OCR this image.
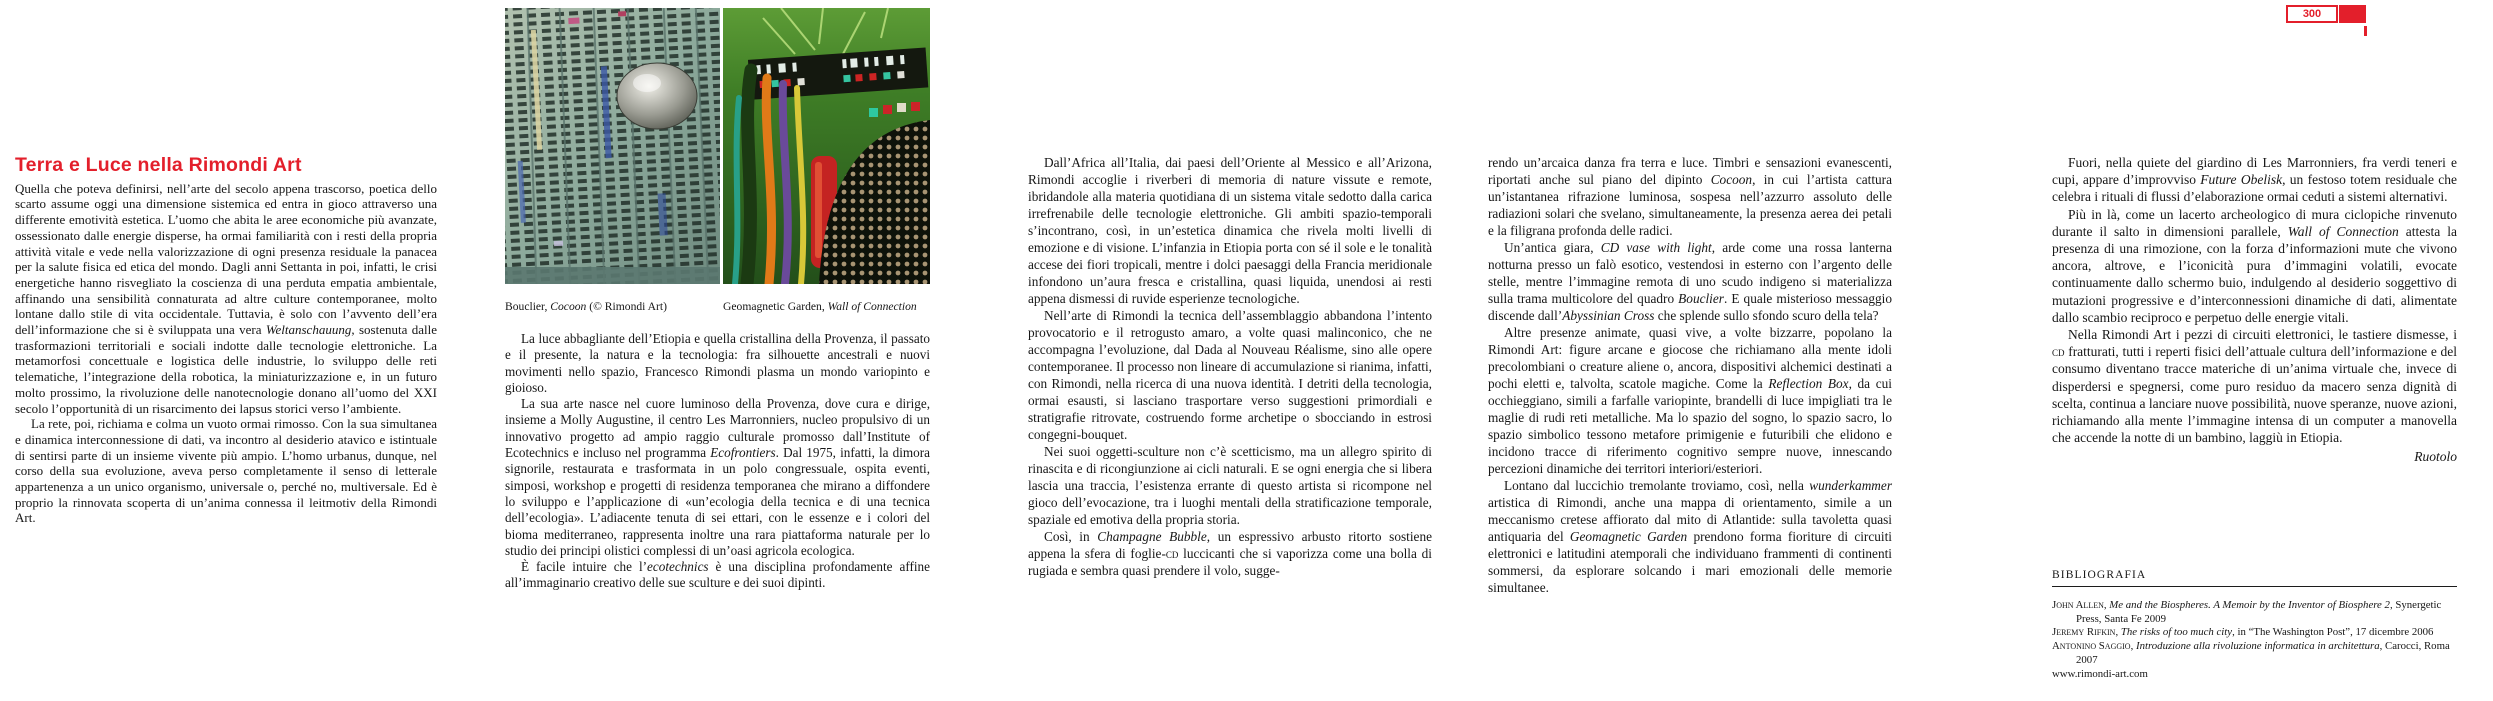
Bouclier, Cocoon (© Rimondi Art)	Geomagnetic Garden, Wall of Connection

Terra e Luce nella Rimondi Art

Quella che poteva definirsi, nell’arte del secolo appena trascorso, poetica dello scarto assume oggi una dimensione sistemica ed entra in gioco attraverso una differente emotività estetica. L’uomo che abita le aree economiche più avanzate, ossessionato dalle energie disperse, ha ormai familiarità con i resti della propria attività vitale e vede nella valorizzazione di ogni presenza residuale la panacea per la salute fisica ed etica del mondo. Dagli anni Settanta in poi, infatti, le crisi energetiche hanno risvegliato la coscienza di una perduta empatia ambientale, affinando una sensibilità connaturata ad altre culture contemporanee, molto lontane dallo stile di vita occidentale. Tuttavia, è solo con l’avvento dell’era dell’informazione che si è sviluppata una vera Weltanschauung, sostenuta dalle trasformazioni territoriali e sociali indotte dalle tecnologie elettroniche. La metamorfosi concettuale e logistica delle industrie, lo sviluppo delle reti telematiche, l’integrazione della robotica, la miniaturizzazione e, in un futuro molto prossimo, la rivoluzione delle nanotecnologie donano all’uomo del XXI secolo l’opportunità di un risarcimento dei lapsus storici verso l’ambiente.

La rete, poi, richiama e colma un vuoto ormai rimosso. Con la sua simultanea e dinamica interconnessione di dati, va incontro al desiderio atavico e istintuale di sentirsi parte di un insieme vivente più ampio. L’homo urbanus, dunque, nel corso della sua evoluzione, aveva perso completamente il senso di letterale appartenenza a un unico organismo, universale o, perché no, multiversale. Ed è proprio la rinnovata scoperta di un’anima connessa il leitmotiv della Rimondi Art.

La luce abbagliante dell’Etiopia e quella cristallina della Provenza, il passato e il presente, la natura e la tecnologia: fra silhouette ancestrali e nuovi movimenti nello spazio, Francesco Rimondi plasma un mondo variopinto e gioioso.

La sua arte nasce nel cuore luminoso della Provenza, dove cura e dirige, insieme a Molly Augustine, il centro Les Marronniers, nucleo propulsivo di un innovativo progetto ad ampio raggio culturale promosso dall’Institute of Ecotechnics e incluso nel programma Ecofrontiers. Dal 1975, infatti, la dimora signorile, restaurata e trasformata in un polo congressuale, ospita eventi, simposi, workshop e progetti di residenza temporanea che mirano a diffondere lo sviluppo e l’applicazione di «un’ecologia della tecnica e di una tecnica dell’ecologia». L’adiacente tenuta di sei ettari, con le essenze e i colori del bioma mediterraneo, rappresenta inoltre una rara piattaforma naturale per lo studio dei principi olistici complessi di un’oasi agricola ecologica.

È facile intuire che l’ecotechnics è una disciplina profondamente affine all’immaginario creativo delle sue sculture e dei suoi dipinti.

Dall’Africa all’Italia, dai paesi dell’Oriente al Messico e all’Arizona, Rimondi accoglie i riverberi di memoria di nature vissute e remote, ibridandole alla materia quotidiana di un sistema vitale sedotto dalla carica irrefrenabile delle tecnologie elettroniche. Gli ambiti spazio-temporali s’incontrano, così, in un’estetica dinamica che rivela molti livelli di emozione e di visione. L’infanzia in Etiopia porta con sé il sole e le tonalità accese dei fiori tropicali, mentre i dolci paesaggi della Francia meridionale infondono un’aura fresca e cristallina, quasi liquida, unendosi ai resti appena dismessi di ruvide esperienze tecnologiche.

Nell’arte di Rimondi la tecnica dell’assemblaggio abbandona l’intento provocatorio e il retrogusto amaro, a volte quasi malinconico, che ne accompagna l’evoluzione, dal Dada al Nouveau Réalisme, sino alle opere contemporanee. Il processo non lineare di accumulazione si rianima, infatti, con Rimondi, nella ricerca di una nuova identità. I detriti della tecnologia, ormai esausti, si lasciano trasportare verso suggestioni primordiali e stratigrafie ritrovate, costruendo forme archetipe o sbocciando in estrosi congegni-bouquet.

Nei suoi oggetti-sculture non c’è scetticismo, ma un allegro spirito di rinascita e di ricongiunzione ai cicli naturali. E se ogni energia che si libera lascia una traccia, l’esistenza errante di questo artista si ricompone nel gioco dell’evocazione, tra i luoghi mentali della stratificazione temporale, spaziale ed emotiva della propria storia.

Così, in Champagne Bubble, un espressivo arbusto ritorto sostiene appena la sfera di foglie-cd luccicanti che si vaporizza come una bolla di rugiada e sembra quasi prendere il volo, sugge-

rendo un’arcaica danza fra terra e luce. Timbri e sensazioni evanescenti, riportati anche sul piano del dipinto Cocoon, in cui l’artista cattura un’istantanea rifrazione luminosa, sospesa nell’azzurro assoluto delle radiazioni solari che svelano, simultaneamente, la presenza aerea dei petali e la filigrana profonda delle radici.

Un’antica giara, CD vase with light, arde come una rossa lanterna notturna presso un falò esotico, vestendosi in esterno con l’argento delle stelle, mentre l’immagine remota di uno scudo indigeno si materializza sulla trama multicolore del quadro Bouclier. E quale misterioso messaggio discende dall’Abyssinian Cross che splende sullo sfondo scuro della tela?

Altre presenze animate, quasi vive, a volte bizzarre, popolano la Rimondi Art: figure arcane e giocose che richiamano alla mente idoli precolombiani o creature aliene o, ancora, dispositivi alchemici destinati a pochi eletti e, talvolta, scatole magiche. Come la Reflection Box, da cui occhieggiano, simili a farfalle variopinte, brandelli di luce impigliati tra le maglie di rudi reti metalliche. Ma lo spazio del sogno, lo spazio sacro, lo spazio simbolico tessono metafore primigenie e futuribili che elidono e incidono tracce di riferimento cognitivo sempre nuove, innescando percezioni dinamiche dei territori interiori/esteriori.

Lontano dal luccichio tremolante troviamo, così, nella wunderkammer artistica di Rimondi, anche una mappa di orientamento, simile a un meccanismo cretese affiorato dal mito di Atlantide: sulla tavoletta quasi antiquaria del Geomagnetic Garden prendono forma fioriture di circuiti elettronici e latitudini atemporali che individuano frammenti di continenti sommersi, da esplorare solcando i mari emozionali delle memorie simultanee.

Fuori, nella quiete del giardino di Les Marronniers, fra verdi teneri e cupi, appare d’improvviso Future Obelisk, un festoso totem residuale che celebra i rituali di flussi d’elaborazione ormai ceduti a sistemi alternativi.

Più in là, come un lacerto archeologico di mura ciclopiche rinvenuto durante il salto in dimensioni parallele, Wall of Connection attesta la presenza di una rimozione, con la forza d’informazioni mute che vivono ancora, altrove, e l’iconicità pura d’immagini volatili, evocate continuamente dallo schermo buio, indulgendo al desiderio soggettivo di mutazioni progressive e d’interconnessioni dinamiche di dati, alimentate dallo scambio reciproco e perpetuo delle energie vitali.

Nella Rimondi Art i pezzi di circuiti elettronici, le tastiere dismesse, i cd fratturati, tutti i reperti fisici dell’attuale cultura dell’informazione e del consumo diventano tracce materiche di un’anima virtuale che, invece di disperdersi e spegnersi, come puro residuo da macero senza dignità di scelta, continua a lanciare nuove possibilità, nuove speranze, nuove azioni, richiamando alla mente l’immagine intensa di un computer a manovella che accende la notte di un bambino, laggiù in Etiopia.

Ruotolo

BIBLIOGRAFIA

John Allen, Me and the Biospheres. A Memoir by the Inventor of Biosphere 2, Synergetic Press, Santa Fe 2009

Jeremy Rifkin, The risks of too much city, in “The Washington Post”, 17 dicembre 2006

Antonino Saggio, Introduzione alla rivoluzione informatica in architettura, Carocci, Roma 2007

www.rimondi-art.com

300
